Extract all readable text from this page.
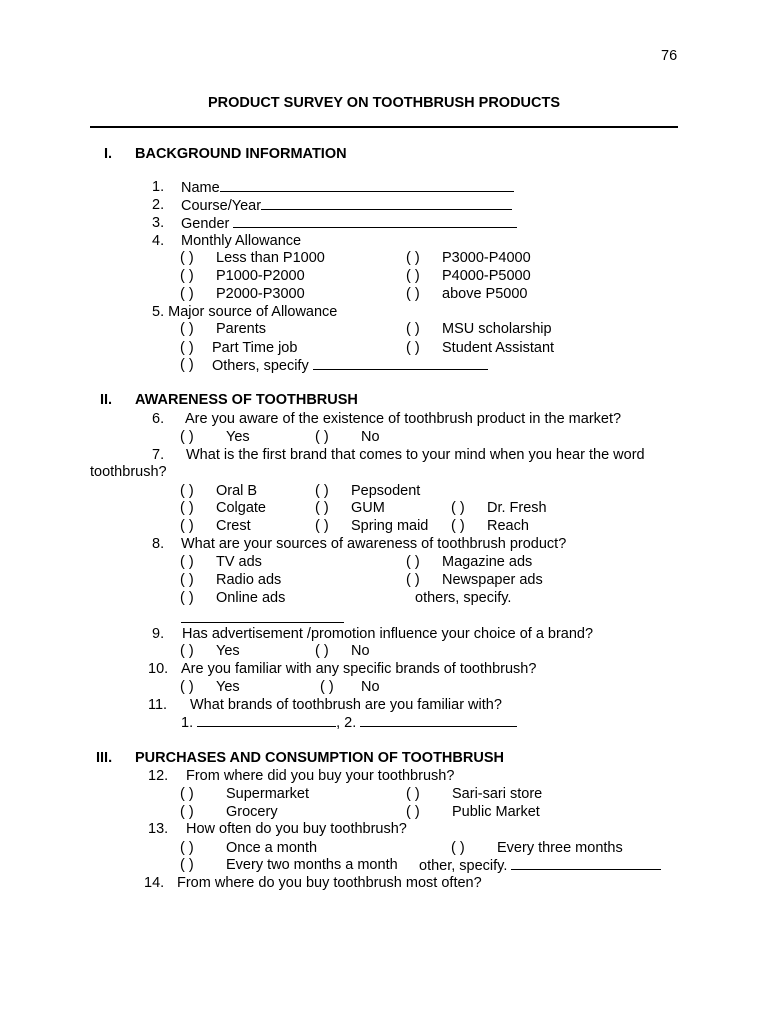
76
PRODUCT SURVEY ON TOOTHBRUSH PRODUCTS
I. BACKGROUND INFORMATION
1. Name
2. Course/Year
3. Gender
4. Monthly Allowance
( ) Less than P1000	( ) P3000-P4000
( ) P1000-P2000	( ) P4000-P5000
( ) P2000-P3000	( ) above P5000
5. Major source of Allowance
( ) Parents	( ) MSU scholarship
( ) Part Time job	( ) Student Assistant
( ) Others, specify
II. AWARENESS OF TOOTHBRUSH
6. Are you aware of the existence of toothbrush product in the market?
( ) Yes	( ) No
7. What is the first brand that comes to your mind when you hear the word
toothbrush?
( ) Oral B	( ) Pepsodent
( ) Colgate	( ) GUM	( ) Dr. Fresh
( ) Crest	( ) Spring maid ( ) Reach
8. What are your sources of awareness of toothbrush product?
( ) TV ads	( ) Magazine ads
( ) Radio ads	( ) Newspaper ads
( ) Online ads	others, specify.
9. Has advertisement /promotion influence your choice of a brand?
( ) Yes	( ) No
10. Are you familiar with any specific brands of toothbrush?
( ) Yes	( ) No
11. What brands of toothbrush are you familiar with?
1.	, 2.
III. PURCHASES AND CONSUMPTION OF TOOTHBRUSH
12. From where did you buy your toothbrush?
( ) Supermarket	( ) Sari-sari store
( ) Grocery	( ) Public Market
13. How often do you buy toothbrush?
( ) Once a month	( ) Every three months
( ) Every two months a month other, specify.
14. From where do you buy toothbrush most often?
